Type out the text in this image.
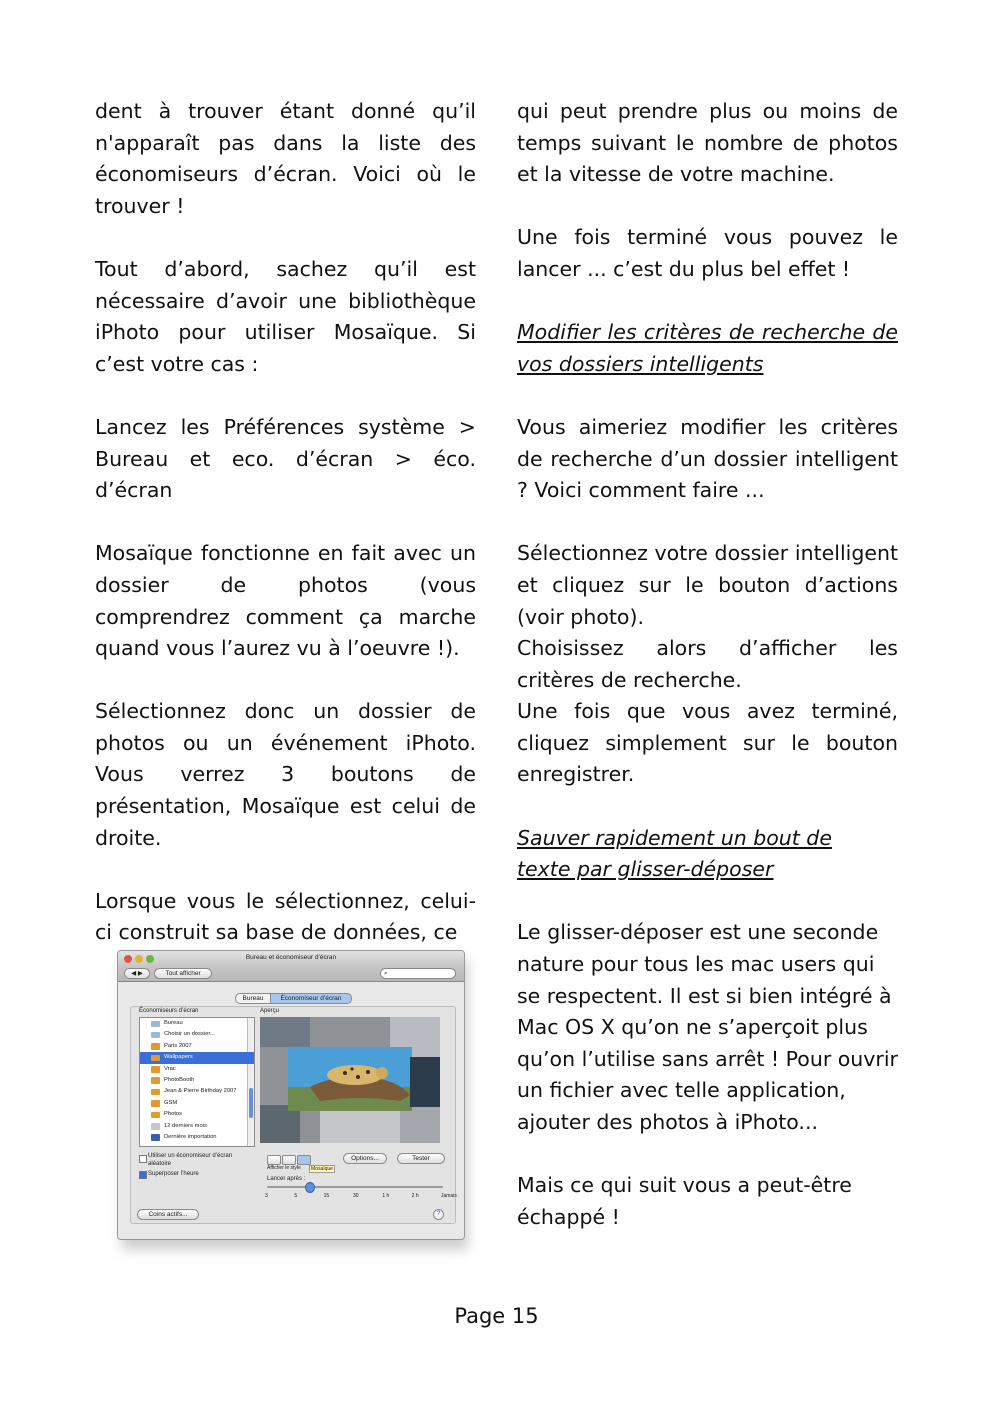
dent à trouver étant donné qu’il n'apparaît pas dans la liste des économiseurs d’écran. Voici où le trouver !

Tout d’abord, sachez qu’il est nécessaire d’avoir une bibliothèque iPhoto pour utiliser Mosaïque. Si c’est votre cas :

Lancez les Préférences système > Bureau et eco. d’écran > éco. d’écran

Mosaïque fonctionne en fait avec un dossier de photos (vous comprendrez comment ça marche quand vous l’aurez vu à l’oeuvre !).

Sélectionnez donc un dossier de photos ou un événement iPhoto. Vous verrez 3 boutons de présentation, Mosaïque est celui de droite.

Lorsque vous le sélectionnez, celui-ci construit sa base de données, ce

qui peut prendre plus ou moins de temps suivant le nombre de photos et la vitesse de votre machine.

Une fois terminé vous pouvez le lancer ... c’est du plus bel effet !

Modifier les critères de recherche de vos dossiers intelligents

Vous aimeriez modifier les critères de recherche d’un dossier intelligent ? Voici comment faire ...

Sélectionnez votre dossier intelligent et cliquez sur le bouton d’actions (voir photo).

Choisissez alors d’afficher les critères de recherche.

Une fois que vous avez terminé, cliquez simplement sur le bouton enregistrer.

Sauver rapidement un bout de

texte par glisser-déposer

Le glisser-déposer est une seconde nature pour tous les mac users qui se respectent. Il est si bien intégré à Mac OS X qu’on ne s’aperçoit plus qu’on l’utilise sans arrêt ! Pour ouvrir un fichier avec telle application, ajouter des photos à iPhoto...

Mais ce qui suit vous a peut-être échappé !

Bureau et économiseur d’écran
◀ ▶	Tout afficher	⌕
Bureau	Économiseur d’écran
Économiseurs d’écran	Aperçu
Bureau
Choisir un dossier...
Paris 2007
Wallpapers
Vrac
PhotoBooth
Jean & Pierre Birthday 2007
GSM
Photos
12 derniers mois
Dernière importation
Utiliser un économiseur d’écran aléatoire
Superposer l’heure
Afficher le style	Mosaïque
Options...	Tester
Lancer après :
3	5	15	30	1 h	2 h	Jamais
Coins actifs...	?
Page 15
